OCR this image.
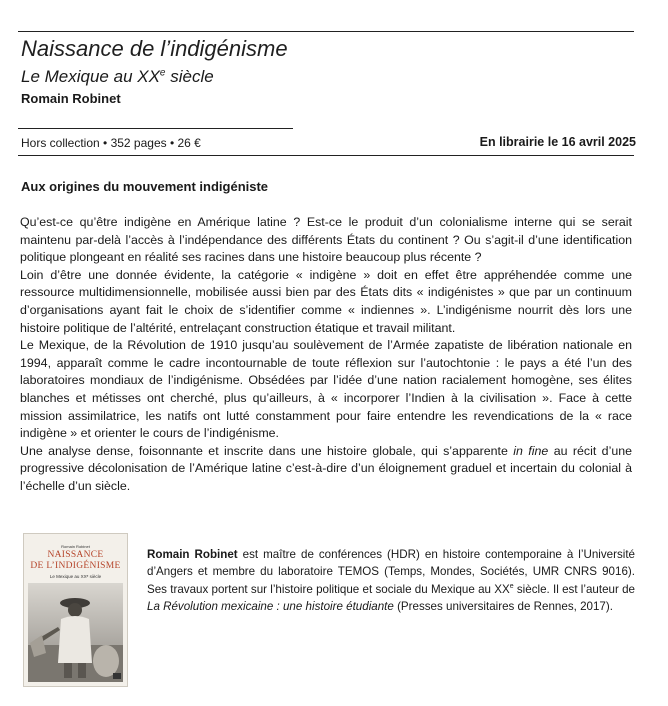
Naissance de l’indigénisme
Le Mexique au XXe siècle
Romain Robinet
Hors collection • 352 pages • 26 €	En librairie le 16 avril 2025
Aux origines du mouvement indigéniste

Qu’est-ce qu’être indigène en Amérique latine ? Est-ce le produit d’un colonialisme interne qui se serait maintenu par-delà l’accès à l’indépendance des différents États du continent ? Ou s’agit-il d’une identification politique plongeant en réalité ses racines dans une histoire beaucoup plus récente ?

Loin d’être une donnée évidente, la catégorie « indigène » doit en effet être appréhendée comme une ressource multidimensionnelle, mobilisée aussi bien par des États dits « indigénistes » que par un continuum d’organisations ayant fait le choix de s’identifier comme « indiennes ». L’indigénisme nourrit dès lors une histoire politique de l’altérité, entrelaçant construction étatique et travail militant.

Le Mexique, de la Révolution de 1910 jusqu’au soulèvement de l’Armée zapatiste de libération nationale en 1994, apparaît comme le cadre incontournable de toute réflexion sur l’autochtonie : le pays a été l’un des laboratoires mondiaux de l’indigénisme. Obsédées par l’idée d’une nation racialement homogène, ses élites blanches et métisses ont cherché, plus qu’ailleurs, à « incorporer l’Indien à la civilisation ». Face à cette mission assimilatrice, les natifs ont lutté constamment pour faire entendre les revendications de la « race indigène » et orienter le cours de l’indigénisme.

Une analyse dense, foisonnante et inscrite dans une histoire globale, qui s’apparente in fine au récit d’une progressive décolonisation de l’Amérique latine c’est-à-dire d’un éloignement graduel et incertain du colonial à l’échelle d’un siècle.

Romain Robinet
NAISSANCE
DE L’INDIGÉNISME
Le Mexique au XXᵉ siècle

Romain Robinet est maître de conférences (HDR) en histoire contemporaine à l’Université d’Angers et membre du laboratoire TEMOS (Temps, Mondes, Sociétés, UMR CNRS 9016). Ses travaux portent sur l’histoire politique et sociale du Mexique au XXe siècle. Il est l’auteur de La Révolution mexicaine : une histoire étudiante (Presses universitaires de Rennes, 2017).
